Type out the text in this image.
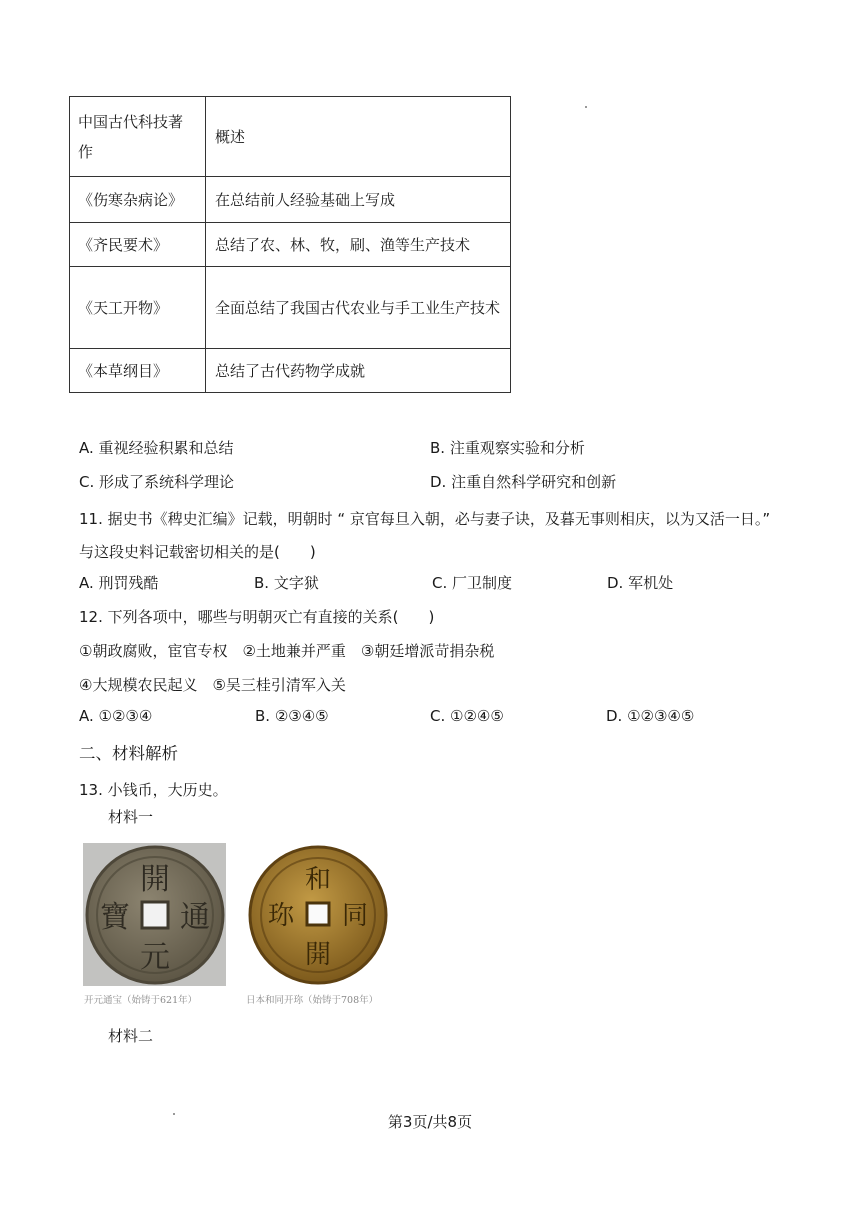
中国古代科技著作	概述
《伤寒杂病论》	在总结前人经验基础上写成
《齐民要术》	总结了农、林、牧，刷、渔等生产技术
《天工开物》	全面总结了我国古代农业与手工业生产技术
《本草纲目》	总结了古代药物学成就
A. 重视经验积累和总结	B. 注重观察实验和分析
C. 形成了系统科学理论	D. 注重自然科学研究和创新
11. 据史书《稗史汇编》记载，明朝时 “ 京官每旦入朝，必与妻子诀，及暮无事则相庆，以为又活一日。”
与这段史料记载密切相关的是(　　)
A. 刑罚残酷	B. 文字狱	C. 厂卫制度	D. 军机处
12. 下列各项中，哪些与明朝灭亡有直接的关系(　　)
①朝政腐败，宦官专权　②土地兼并严重　③朝廷增派苛捐杂税
④大规模农民起义　⑤吴三桂引清军入关
A. ①②③④	B. ②③④⑤	C. ①②④⑤	D. ①②③④⑤
二、材料解析
13. 小钱币，大历史。
材料一
開
通
元
寶
开元通宝（始铸于621年）
和
同
開
珎
日本和同开珎（始铸于708年）
材料二
第3页/共8页
